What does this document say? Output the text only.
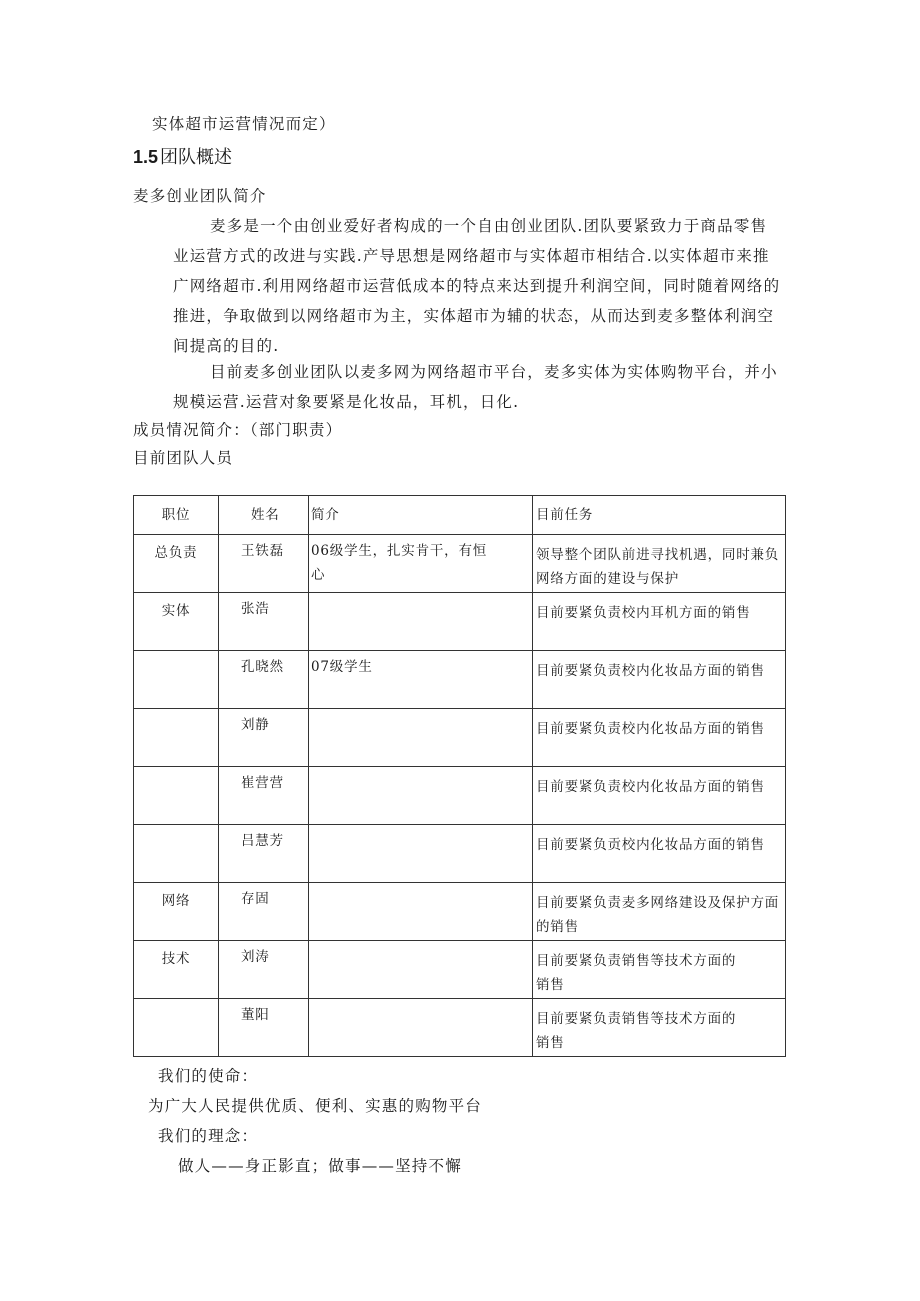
实体超市运营情况而定）
1.5 团队概述
麦多创业团队简介
麦多是一个由创业爱好者构成的一个自由创业团队.团队要紧致力于商品零售
业运营方式的改进与实践.产导思想是网络超市与实体超市相结合.以实体超市来推
广网络超市.利用网络超市运营低成本的特点来达到提升利润空间，同时随着网络的
推进，争取做到以网络超市为主，实体超市为辅的状态，从而达到麦多整体利润空
间提高的目的.
目前麦多创业团队以麦多网为网络超市平台，麦多实体为实体购物平台，并小
规模运营.运营对象要紧是化妆品，耳机，日化.
成员情况简介：（部门职责）
目前团队人员
职位	姓名	简介	目前任务

总负责	王铁磊	06级学生，扎实肯干，有恒
心	领导整个团队前进寻找机遇，同时兼负
网络方面的建设与保护

实体	张浩		目前要紧负责校内耳机方面的销售

	孔晓然	07级学生	目前要紧负责校内化妆品方面的销售

	刘静		目前要紧负责校内化妆品方面的销售

	崔营营		目前要紧负责校内化妆品方面的销售

	吕慧芳		目前要紧负贡校内化妆品方面的销售

网络	存固		目前要紧负责麦多网络建设及保护方面
的销售

技术	刘涛		目前要紧负责销售等技术方面的
销售

	董阳		目前要紧负责销售等技术方面的
销售
我们的使命：
为广大人民提供优质、便利、实惠的购物平台
我们的理念：
做人——身正影直；做事——坚持不懈
